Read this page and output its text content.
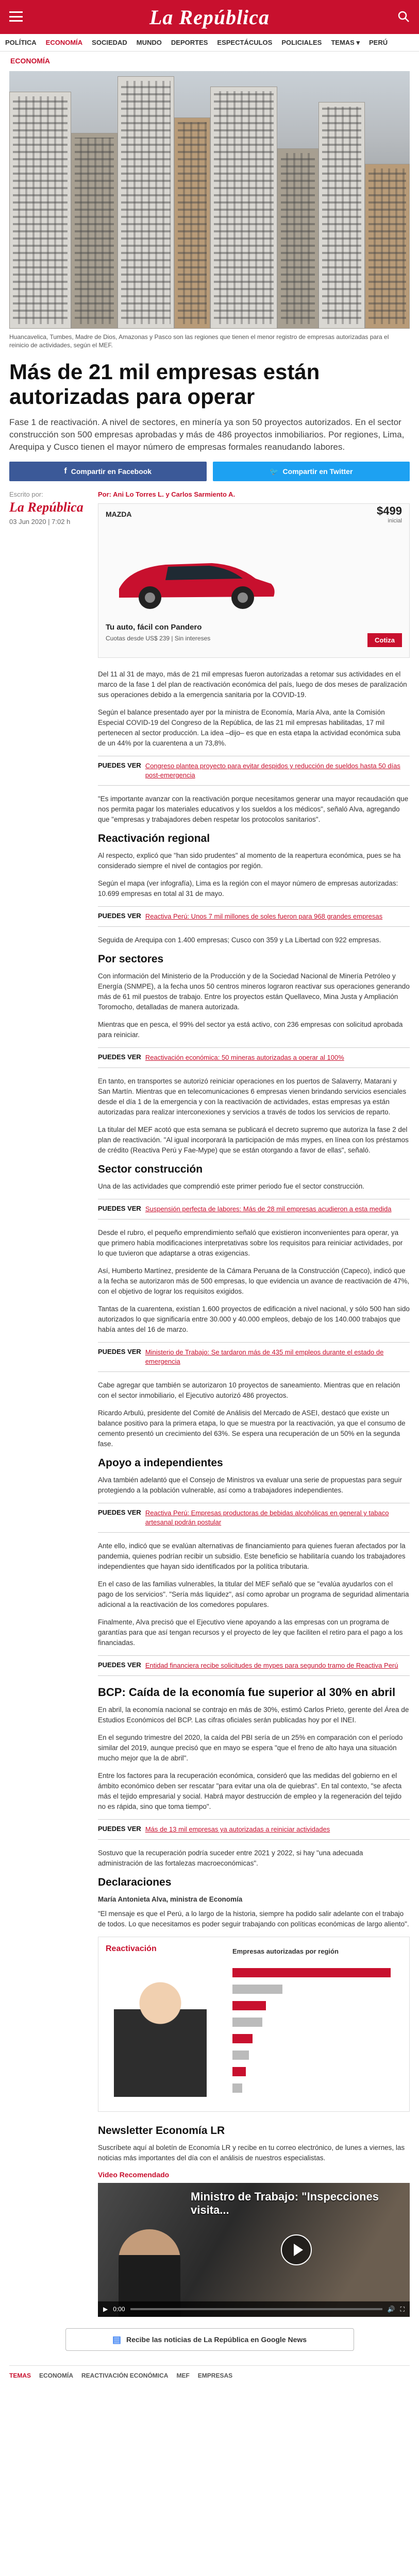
La República
POLÍTICA ECONOMÍA SOCIEDAD MUNDO DEPORTES ESPECTÁCULOS POLICIALES TEMAS ▾ PERÚ
ECONOMÍA
Huancavelica, Tumbes, Madre de Dios, Amazonas y Pasco son las regiones que tienen el menor registro de empresas autorizadas para el reinicio de actividades, según el MEF.
Más de 21 mil empresas están autorizadas para operar

Fase 1 de reactivación. A nivel de sectores, en minería ya son 50 proyectos autorizados. En el sector construcción son 500 empresas aprobadas y más de 486 proyectos inmobiliarios. Por regiones, Lima, Arequipa y Cusco tienen el mayor número de empresas formales reanudando labores.

f Compartir en Facebook	🐦 Compartir en Twitter
Escrito por:
La República
03 Jun 2020 | 7:02 h
Por: Ani Lo Torres L. y Carlos Sarmiento A.
MAZDA	$499
inicial
Tu auto, fácil con Pandero
Cuotas desde US$ 239 | Sin intereses	Cotiza

Del 11 al 31 de mayo, más de 21 mil empresas fueron autorizadas a retomar sus actividades en el marco de la fase 1 del plan de reactivación económica del país, luego de dos meses de paralización sus operaciones debido a la emergencia sanitaria por la COVID-19.

Según el balance presentado ayer por la ministra de Economía, María Alva, ante la Comisión Especial COVID-19 del Congreso de la República, de las 21 mil empresas habilitadas, 17 mil pertenecen al sector producción. La idea –dijo– es que en esta etapa la actividad económica suba de un 44% por la cuarentena a un 73,8%.

PUEDES VER Congreso plantea proyecto para evitar despidos y reducción de sueldos hasta 50 días post-emergencia

"Es importante avanzar con la reactivación porque necesitamos generar una mayor recaudación que nos permita pagar los materiales educativos y los sueldos a los médicos", señaló Alva, agregando que "empresas y trabajadores deben respetar los protocolos sanitarios".

Reactivación regional

Al respecto, explicó que "han sido prudentes" al momento de la reapertura económica, pues se ha considerado siempre el nivel de contagios por región.

Según el mapa (ver infografía), Lima es la región con el mayor número de empresas autorizadas: 10.699 empresas en total al 31 de mayo.

PUEDES VER Reactiva Perú: Unos 7 mil millones de soles fueron para 968 grandes empresas

Seguida de Arequipa con 1.400 empresas; Cusco con 359 y La Libertad con 922 empresas.

Por sectores

Con información del Ministerio de la Producción y de la Sociedad Nacional de Minería Petróleo y Energía (SNMPE), a la fecha unos 50 centros mineros lograron reactivar sus operaciones generando más de 61 mil puestos de trabajo. Entre los proyectos están Quellaveco, Mina Justa y Ampliación Toromocho, detalladas de manera autorizada.

Mientras que en pesca, el 99% del sector ya está activo, con 236 empresas con solicitud aprobada para reiniciar.

PUEDES VER Reactivación económica: 50 mineras autorizadas a operar al 100%

En tanto, en transportes se autorizó reiniciar operaciones en los puertos de Salaverry, Matarani y San Martín. Mientras que en telecomunicaciones 6 empresas vienen brindando servicios esenciales desde el día 1 de la emergencia y con la reactivación de actividades, estas empresas ya están autorizadas para realizar interconexiones y servicios a través de todos los servicios de reparto.

La titular del MEF acotó que esta semana se publicará el decreto supremo que autoriza la fase 2 del plan de reactivación. "Al igual incorporará la participación de más mypes, en línea con los préstamos de crédito (Reactiva Perú y Fae-Mype) que se están otorgando a favor de ellas", señaló.

Sector construcción

Una de las actividades que comprendió este primer periodo fue el sector construcción.

PUEDES VER Suspensión perfecta de labores: Más de 28 mil empresas acudieron a esta medida

Desde el rubro, el pequeño emprendimiento señaló que existieron inconvenientes para operar, ya que primero había modificaciones interpretativas sobre los requisitos para reiniciar actividades, por lo que tuvieron que adaptarse a otras exigencias.

Así, Humberto Martínez, presidente de la Cámara Peruana de la Construcción (Capeco), indicó que a la fecha se autorizaron más de 500 empresas, lo que evidencia un avance de reactivación de 47%, con el objetivo de lograr los requisitos exigidos.

Tantas de la cuarentena, existían 1.600 proyectos de edificación a nivel nacional, y sólo 500 han sido autorizados lo que significaría entre 30.000 y 40.000 empleos, debajo de los 140.000 trabajos que había antes del 16 de marzo.

PUEDES VER Ministerio de Trabajo: Se tardaron más de 435 mil empleos durante el estado de emergencia

Cabe agregar que también se autorizaron 10 proyectos de saneamiento. Mientras que en relación con el sector inmobiliario, el Ejecutivo autorizó 486 proyectos.

Ricardo Arbulú, presidente del Comité de Análisis del Mercado de ASEI, destacó que existe un balance positivo para la primera etapa, lo que se muestra por la reactivación, ya que el consumo de cemento presentó un crecimiento del 63%. Se espera una recuperación de un 50% en la segunda fase.

Apoyo a independientes

Alva también adelantó que el Consejo de Ministros va evaluar una serie de propuestas para seguir protegiendo a la población vulnerable, así como a trabajadores independientes.

PUEDES VER Reactiva Perú: Empresas productoras de bebidas alcohólicas en general y tabaco artesanal podrán postular

Ante ello, indicó que se evalúan alternativas de financiamiento para quienes fueran afectados por la pandemia, quienes podrían recibir un subsidio. Este beneficio se habilitaría cuando los trabajadores independientes que hayan sido identificados por la política tributaria.

En el caso de las familias vulnerables, la titular del MEF señaló que se "evalúa ayudarlos con el pago de los servicios". "Sería más liquidez", así como aprobar un programa de seguridad alimentaria adicional a la reactivación de los comedores populares.

Finalmente, Alva precisó que el Ejecutivo viene apoyando a las empresas con un programa de garantías para que así tengan recursos y el proyecto de ley que faciliten el retiro para el pago a los financiadas.

PUEDES VER Entidad financiera recibe solicitudes de mypes para segundo tramo de Reactiva Perú
BCP: Caída de la economía fue superior al 30% en abril

En abril, la economía nacional se contrajo en más de 30%, estimó Carlos Prieto, gerente del Área de Estudios Económicos del BCP. Las cifras oficiales serán publicadas hoy por el INEI.

En el segundo trimestre del 2020, la caída del PBI sería de un 25% en comparación con el período similar del 2019, aunque precisó que en mayo se espera "que el freno de alto haya una situación mucho mejor que la de abril".

Entre los factores para la recuperación económica, consideró que las medidas del gobierno en el ámbito económico deben ser rescatar "para evitar una ola de quiebras". En tal contexto, "se afecta más el tejido empresarial y social. Habrá mayor destrucción de empleo y la regeneración del tejido no es rápida, sino que toma tiempo".

PUEDES VER Más de 13 mil empresas ya autorizadas a reiniciar actividades

Sostuvo que la recuperación podría suceder entre 2021 y 2022, si hay "una adecuada administración de las fortalezas macroeconómicas".

Declaraciones

María Antonieta Alva, ministra de Economía

"El mensaje es que el Perú, a lo largo de la historia, siempre ha podido salir adelante con el trabajo de todos. Lo que necesitamos es poder seguir trabajando con políticas económicas de largo aliento".

Reactivación	Empresas autorizadas por región
Newsletter Economía LR

Suscríbete aquí al boletín de Economía LR y recibe en tu correo electrónico, de lunes a viernes, las noticias más importantes del día con el análisis de nuestros especialistas.

Video Recomendado
Ministro de Trabajo: "Inspecciones visita...
▶ 0:00	🔊 ⛶
▤ Recibe las noticias de La República en Google News
TEMAS ECONOMÍA REACTIVACIÓN ECONÓMICA MEF EMPRESAS
